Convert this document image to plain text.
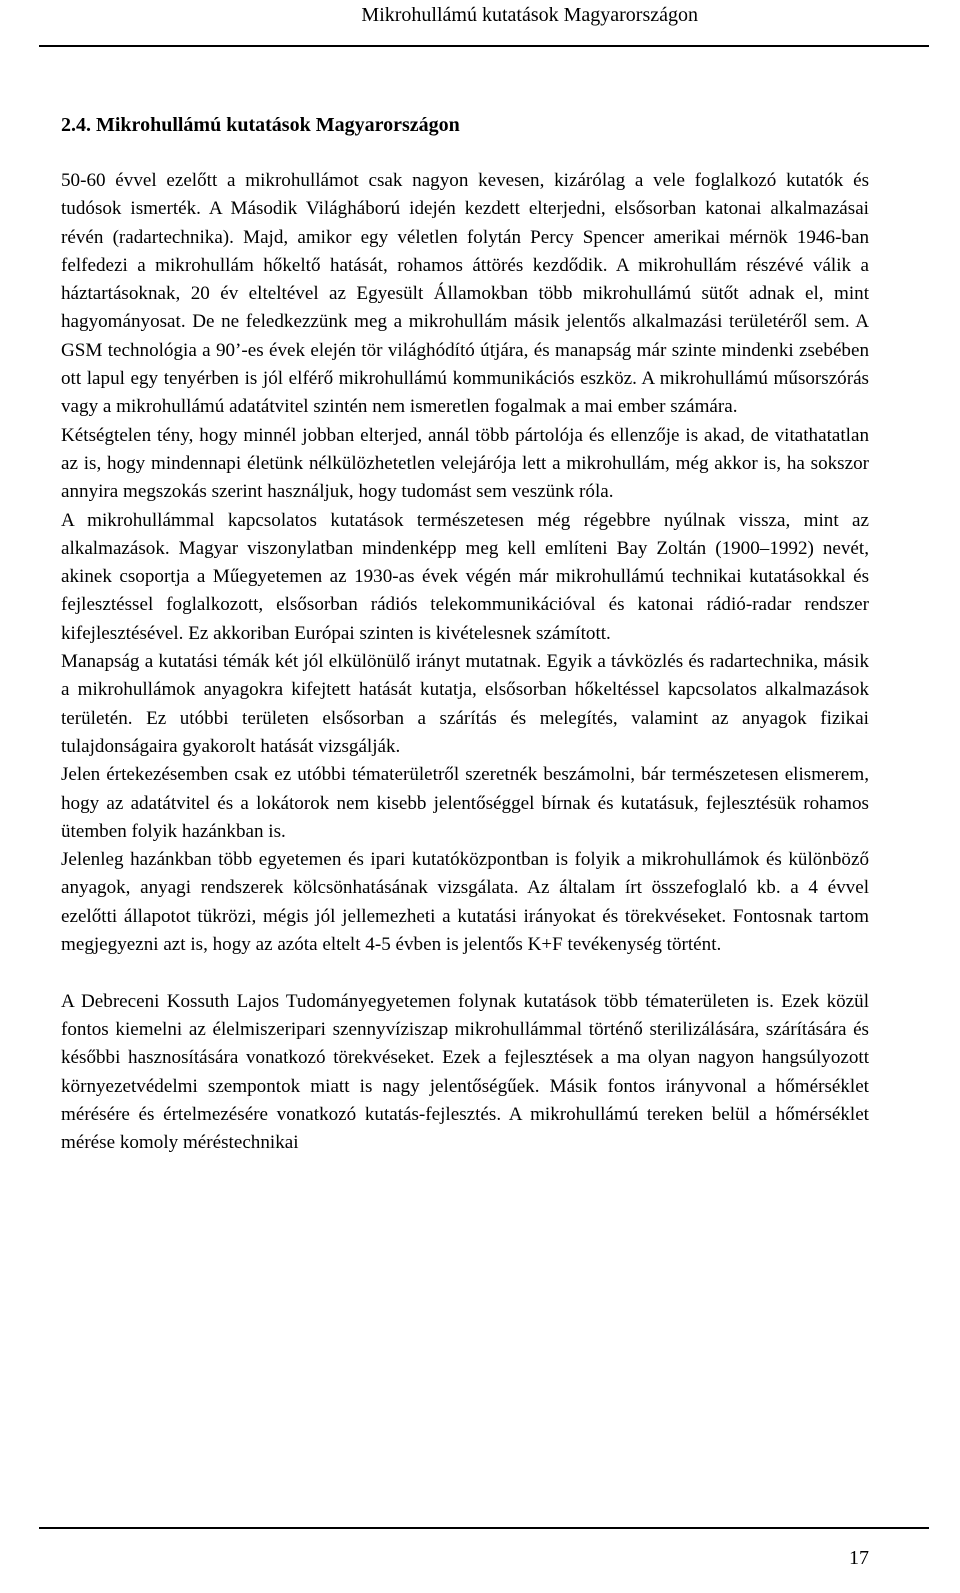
Mikrohullámú kutatások Magyarországon
2.4. Mikrohullámú kutatások Magyarországon

50-60 évvel ezelőtt a mikrohullámot csak nagyon kevesen, kizárólag a vele foglalkozó kutatók és tudósok ismerték. A Második Világháború idején kezdett elterjedni, elsősorban katonai alkalmazásai révén (radartechnika). Majd, amikor egy véletlen folytán Percy Spencer amerikai mérnök 1946-ban felfedezi a mikrohullám hőkeltő hatását, rohamos áttörés kezdődik. A mikrohullám részévé válik a háztartásoknak, 20 év elteltével az Egyesült Államokban több mikrohullámú sütőt adnak el, mint hagyományosat. De ne feledkezzünk meg a mikrohullám másik jelentős alkalmazási területéről sem. A GSM technológia a 90’-es évek elején tör világhódító útjára, és manapság már szinte mindenki zsebében ott lapul egy tenyérben is jól elférő mikrohullámú kommunikációs eszköz. A mikrohullámú műsorszórás vagy a mikrohullámú adatátvitel szintén nem ismeretlen fogalmak a mai ember számára.

Kétségtelen tény, hogy minnél jobban elterjed, annál több pártolója és ellenzője is akad, de vitathatatlan az is, hogy mindennapi életünk nélkülözhetetlen velejárója lett a mikrohullám, még akkor is, ha sokszor annyira megszokás szerint használjuk, hogy tudomást sem veszünk róla.

A mikrohullámmal kapcsolatos kutatások természetesen még régebbre nyúlnak vissza, mint az alkalmazások. Magyar viszonylatban mindenképp meg kell említeni Bay Zoltán (1900–1992) nevét, akinek csoportja a Műegyetemen az 1930-as évek végén már mikrohullámú technikai kutatásokkal és fejlesztéssel foglalkozott, elsősorban rádiós telekommunikációval és katonai rádió-radar rendszer kifejlesztésével. Ez akkoriban Európai szinten is kivételesnek számított.

Manapság a kutatási témák két jól elkülönülő irányt mutatnak. Egyik a távközlés és radartechnika, másik a mikrohullámok anyagokra kifejtett hatását kutatja, elsősorban hőkeltéssel kapcsolatos alkalmazások területén. Ez utóbbi területen elsősorban a szárítás és melegítés, valamint az anyagok fizikai tulajdonságaira gyakorolt hatását vizsgálják.

Jelen értekezésemben csak ez utóbbi tématerületről szeretnék beszámolni, bár természetesen elismerem, hogy az adatátvitel és a lokátorok nem kisebb jelentőséggel bírnak és kutatásuk, fejlesztésük rohamos ütemben folyik hazánkban is.

Jelenleg hazánkban több egyetemen és ipari kutatóközpontban is folyik a mikrohullámok és különböző anyagok, anyagi rendszerek kölcsönhatásának vizsgálata. Az általam írt összefoglaló kb. a 4 évvel ezelőtti állapotot tükrözi, mégis jól jellemezheti a kutatási irányokat és törekvéseket. Fontosnak tartom megjegyezni azt is, hogy az azóta eltelt 4-5 évben is jelentős K+F tevékenység történt.

A Debreceni Kossuth Lajos Tudományegyetemen folynak kutatások több tématerületen is. Ezek közül fontos kiemelni az élelmiszeripari szennyvíziszap mikrohullámmal történő sterilizálására, szárítására és későbbi hasznosítására vonatkozó törekvéseket. Ezek a fejlesztések a ma olyan nagyon hangsúlyozott környezetvédelmi szempontok miatt is nagy jelentőségűek. Másik fontos irányvonal a hőmérséklet mérésére és értelmezésére vonatkozó kutatás-fejlesztés. A mikrohullámú tereken belül a hőmérséklet mérése komoly méréstechnikai

17
